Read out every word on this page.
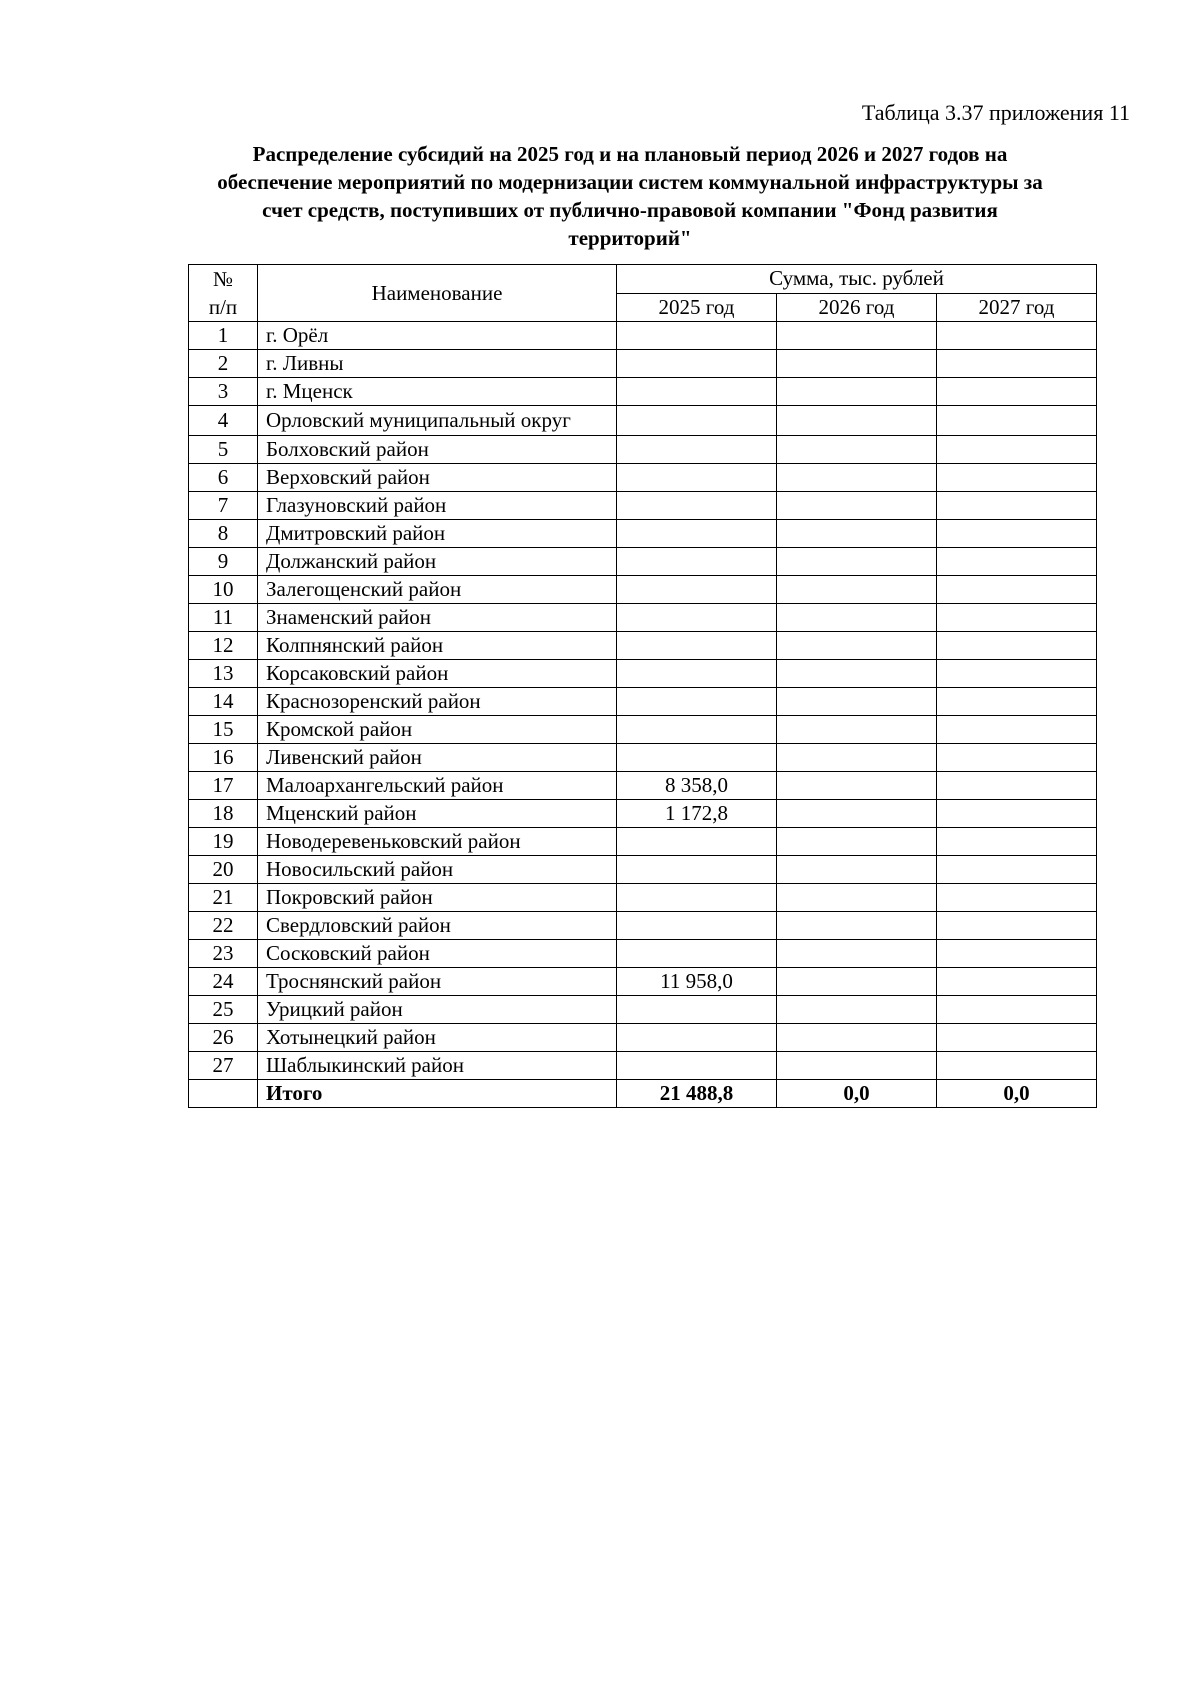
Таблица 3.37 приложения 11
Распределение субсидий на 2025 год и на плановый период 2026 и 2027 годов на
обеспечение мероприятий по модернизации систем коммунальной инфраструктуры за
счет средств, поступивших от публично-правовой компании "Фонд развития
территорий"
№
п/п	Наименование	Сумма, тыс. рублей		
		2025 год	2026 год	2027 год
1	г. Орёл			
2	г. Ливны			
3	г. Мценск			
4	Орловский муниципальный округ			
5	Болховский район			
6	Верховский район			
7	Глазуновский район			
8	Дмитровский район			
9	Должанский район			
10	Залегощенский район			
11	Знаменский район			
12	Колпнянский район			
13	Корсаковский район			
14	Краснозоренский район			
15	Кромской район			
16	Ливенский район			
17	Малоархангельский район	8 358,0		
18	Мценский район	1 172,8		
19	Новодеревеньковский район			
20	Новосильский район			
21	Покровский район			
22	Свердловский район			
23	Сосковский район			
24	Троснянский район	11 958,0		
25	Урицкий район			
26	Хотынецкий район			
27	Шаблыкинский район			
	Итого	21 488,8	0,0	0,0
